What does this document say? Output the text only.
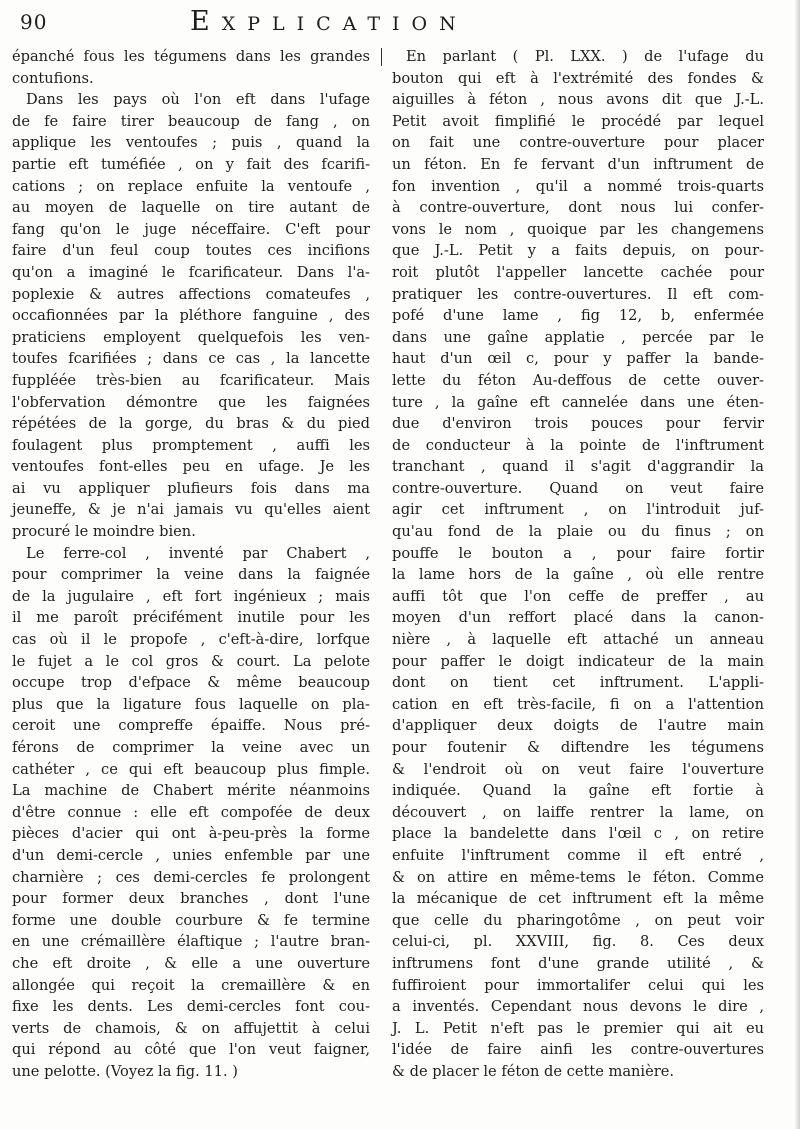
90	Explication
épanché fous les tégumens dans les grandes
contufions.
Dans les pays où l'on eft dans l'ufage
de fe faire tirer beaucoup de fang , on
applique les ventoufes ; puis , quand la
partie eft tuméfiée , on y fait des fcarifi-
cations ; on replace enfuite la ventoufe ,
au moyen de laquelle on tire autant de
fang qu'on le juge néceffaire. C'eft pour
faire d'un feul coup toutes ces incifions
qu'on a imaginé le fcarificateur. Dans l'a-
poplexie & autres affections comateufes ,
occafionnées par la pléthore fanguine , des
praticiens employent quelquefois les ven-
toufes fcarifiées ; dans ce cas , la lancette
fuppléée très-bien au fcarificateur. Mais
l'obfervation démontre que les faignées
répétées de la gorge, du bras & du pied
foulagent plus promptement , auffi les
ventoufes font-elles peu en ufage. Je les
ai vu appliquer plufieurs fois dans ma
jeuneffe, & je n'ai jamais vu qu'elles aient
procuré le moindre bien.
Le ferre-col , inventé par Chabert ,
pour comprimer la veine dans la faignée
de la jugulaire , eft fort ingénieux ; mais
il me paroît précifément inutile pour les
cas où il le propofe , c'eft-à-dire, lorfque
le fujet a le col gros & court. La pelote
occupe trop d'efpace & même beaucoup
plus que la ligature fous laquelle on pla-
ceroit une compreffe épaiffe. Nous pré-
férons de comprimer la veine avec un
cathéter , ce qui eft beaucoup plus fimple.
La machine de Chabert mérite néanmoins
d'être connue : elle eft compofée de deux
pièces d'acier qui ont à-peu-près la forme
d'un demi-cercle , unies enfemble par une
charnière ; ces demi-cercles fe prolongent
pour former deux branches , dont l'une
forme une double courbure & fe termine
en une crémaillère élaftique ; l'autre bran-
che eft droite , & elle a une ouverture
allongée qui reçoit la cremaillère & en
fixe les dents. Les demi-cercles font cou-
verts de chamois, & on affujettit à celui
qui répond au côté que l'on veut faigner,
une pelotte. (Voyez la fig. 11. )
En parlant ( Pl. LXX. ) de l'ufage du
bouton qui eft à l'extrémité des fondes &
aiguilles à féton , nous avons dit que J.-L.
Petit avoit fimplifié le procédé par lequel
on fait une contre-ouverture pour placer
un féton. En fe fervant d'un inftrument de
fon invention , qu'il a nommé trois-quarts
à contre-ouverture, dont nous lui confer-
vons le nom , quoique par les changemens
que J.-L. Petit y a faits depuis, on pour-
roit plutôt l'appeller lancette cachée pour
pratiquer les contre-ouvertures. Il eft com-
pofé d'une lame , fig 12, b, enfermée
dans une gaîne applatie , percée par le
haut d'un œil c, pour y paffer la bande-
lette du féton Au-deffous de cette ouver-
ture , la gaîne eft cannelée dans une éten-
due d'environ trois pouces pour fervir
de conducteur à la pointe de l'inftrument
tranchant , quand il s'agit d'aggrandir la
contre-ouverture. Quand on veut faire
agir cet inftrument , on l'introduit juf-
qu'au fond de la plaie ou du finus ; on
pouffe le bouton a , pour faire fortir
la lame hors de la gaîne , où elle rentre
auffi tôt que l'on ceffe de preffer , au
moyen d'un reffort placé dans la canon-
nière , à laquelle eft attaché un anneau
pour paffer le doigt indicateur de la main
dont on tient cet inftrument. L'appli-
cation en eft très-facile, fi on a l'attention
d'appliquer deux doigts de l'autre main
pour foutenir & diftendre les tégumens
& l'endroit où on veut faire l'ouverture
indiquée. Quand la gaîne eft fortie à
découvert , on laiffe rentrer la lame, on
place la bandelette dans l'œil c , on retire
enfuite l'inftrument comme il eft entré ,
& on attire en même-tems le féton. Comme
la mécanique de cet inftrument eft la même
que celle du pharingotôme , on peut voir
celui-ci, pl. XXVIII, fig. 8. Ces deux
inftrumens font d'une grande utilité , &
fuffiroient pour immortalifer celui qui les
a inventés. Cependant nous devons le dire ,
J. L. Petit n'eft pas le premier qui ait eu
l'idée de faire ainfi les contre-ouvertures
& de placer le féton de cette manière.
